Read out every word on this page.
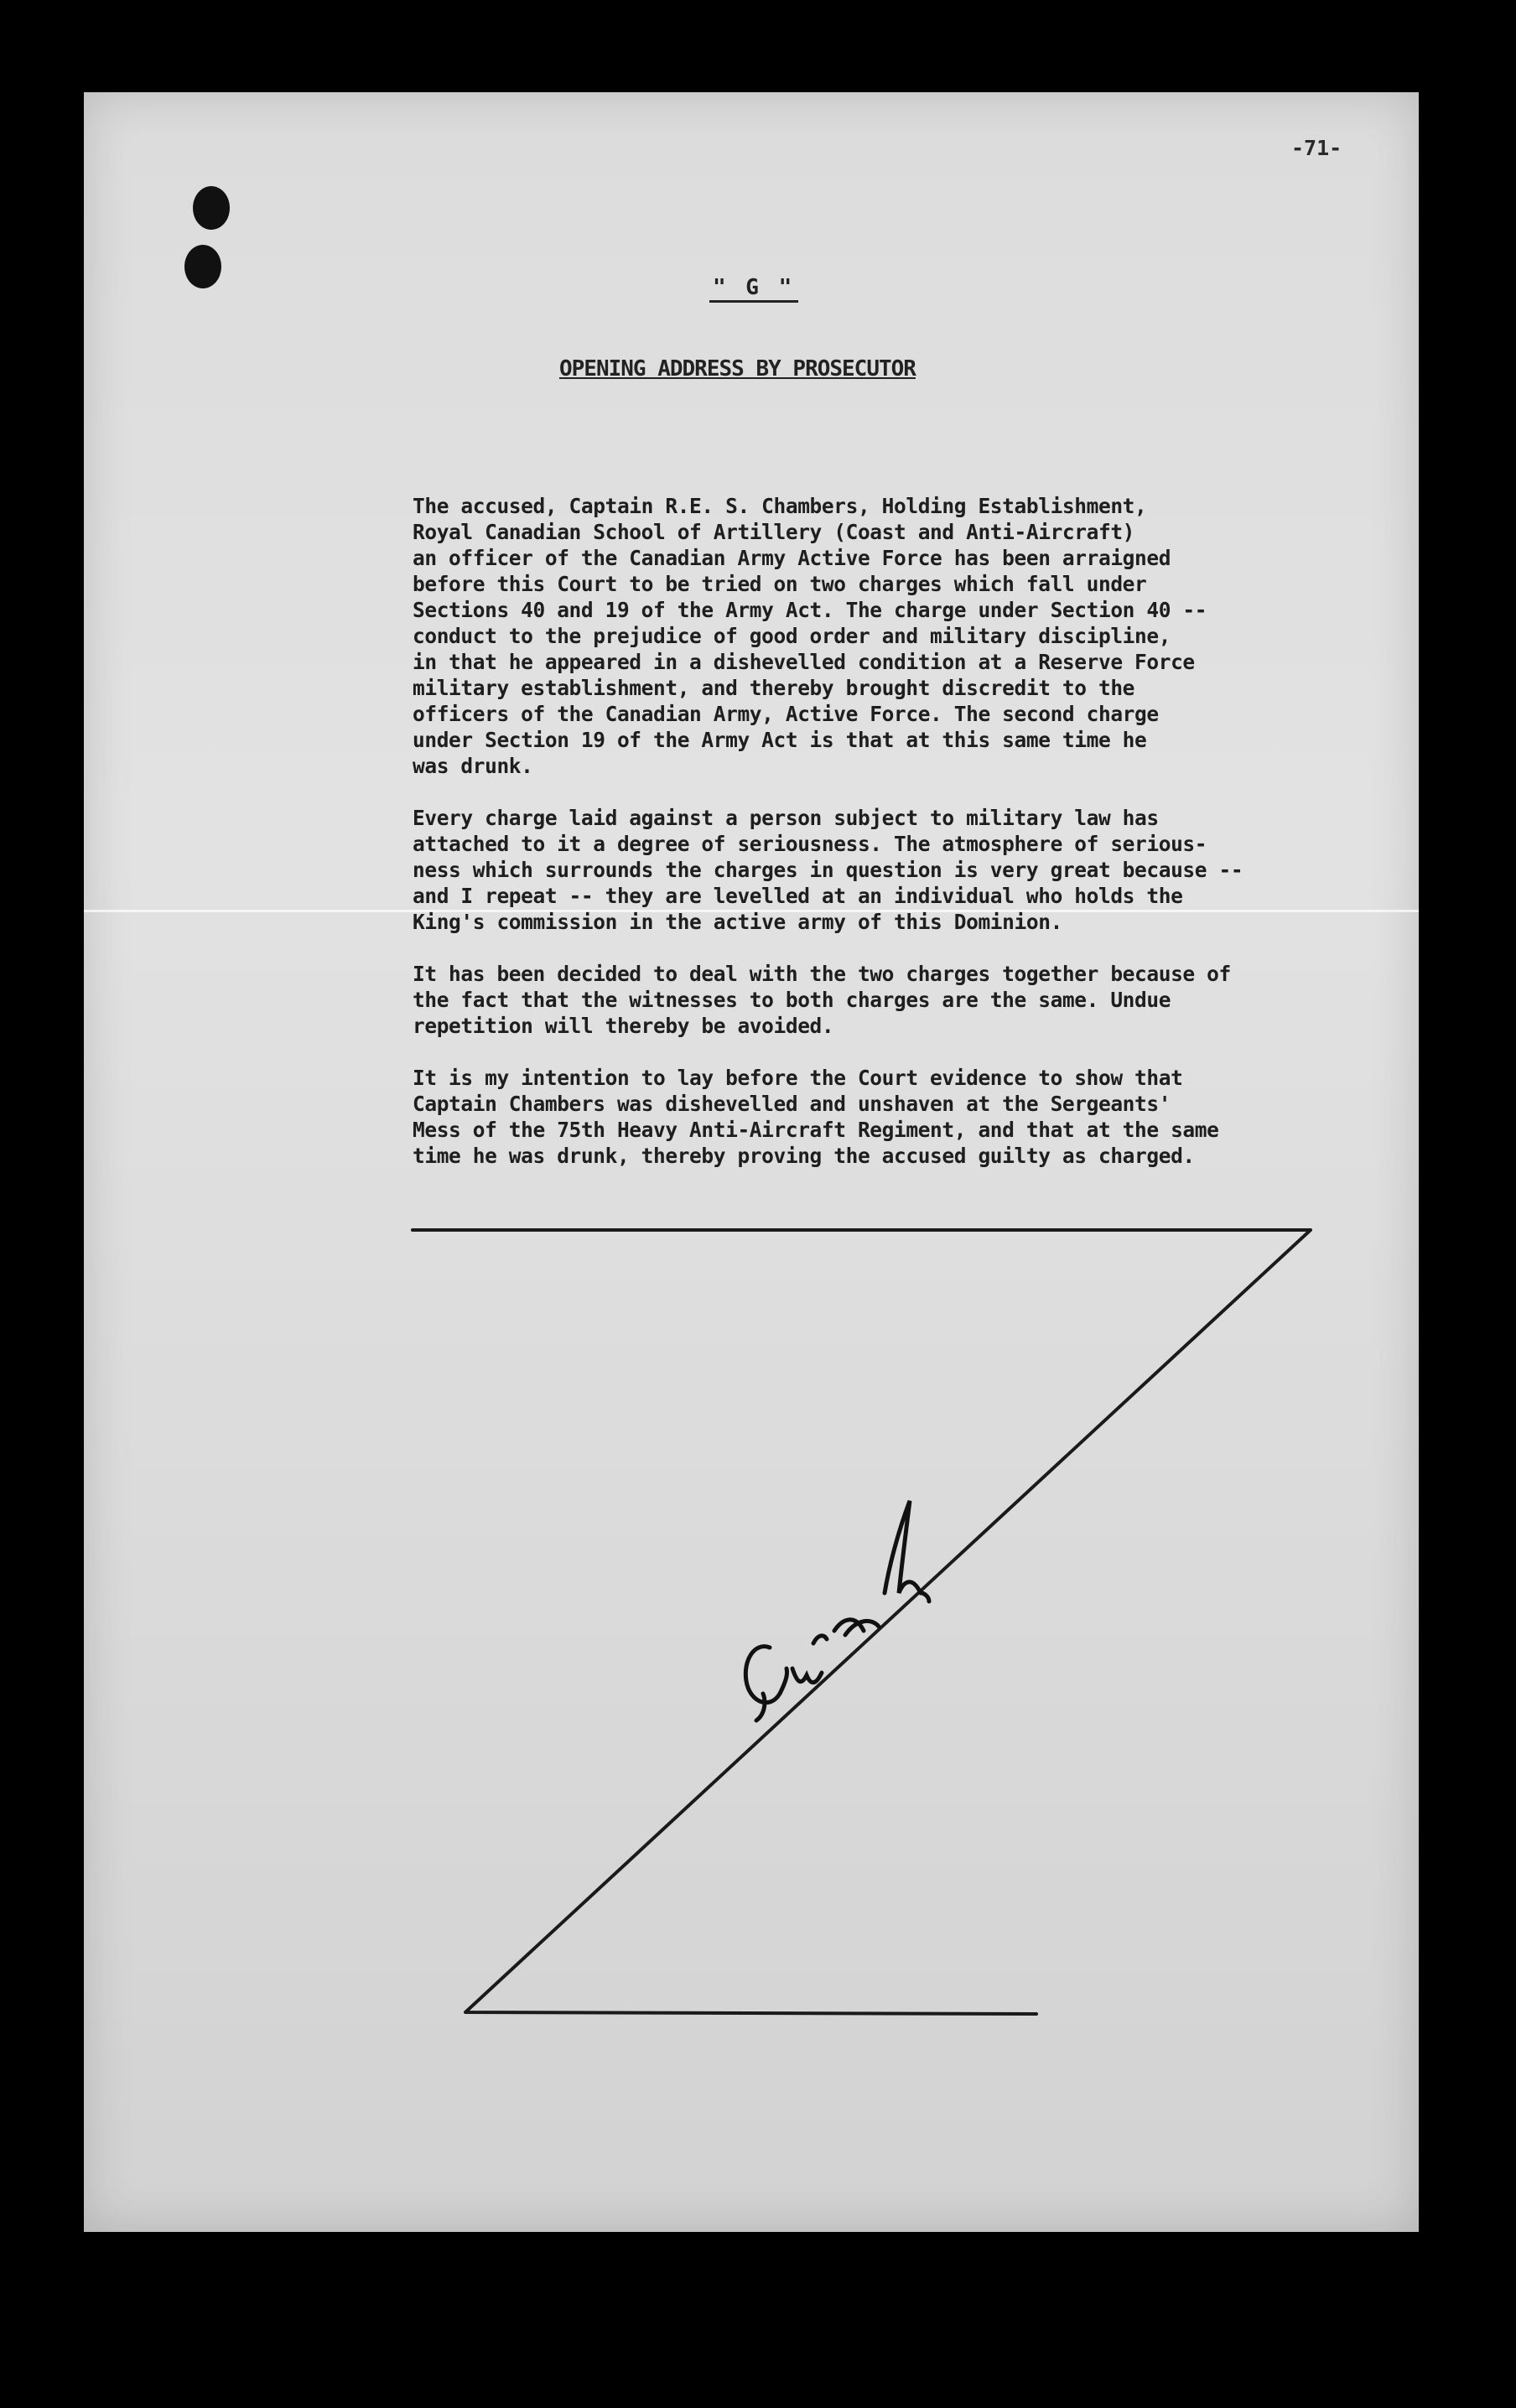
-71-
" G "
OPENING ADDRESS BY PROSECUTOR

The accused, Captain R.E. S. Chambers, Holding Establishment,
Royal Canadian School of Artillery (Coast and Anti-Aircraft)
an officer of the Canadian Army Active Force has been arraigned
before this Court to be tried on two charges which fall under
Sections 40 and 19 of the Army Act. The charge under Section 40 --
conduct to the prejudice of good order and military discipline,
in that he appeared in a dishevelled condition at a Reserve Force
military establishment, and thereby brought discredit to the
officers of the Canadian Army, Active Force. The second charge
under Section 19 of the Army Act is that at this same time he
was drunk.

Every charge laid against a person subject to military law has
attached to it a degree of seriousness. The atmosphere of serious-
ness which surrounds the charges in question is very great because --
and I repeat -- they are levelled at an individual who holds the
King's commission in the active army of this Dominion.

It has been decided to deal with the two charges together because of
the fact that the witnesses to both charges are the same. Undue
repetition will thereby be avoided.

It is my intention to lay before the Court evidence to show that
Captain Chambers was dishevelled and unshaven at the Sergeants'
Mess of the 75th Heavy Anti-Aircraft Regiment, and that at the same
time he was drunk, thereby proving the accused guilty as charged.
